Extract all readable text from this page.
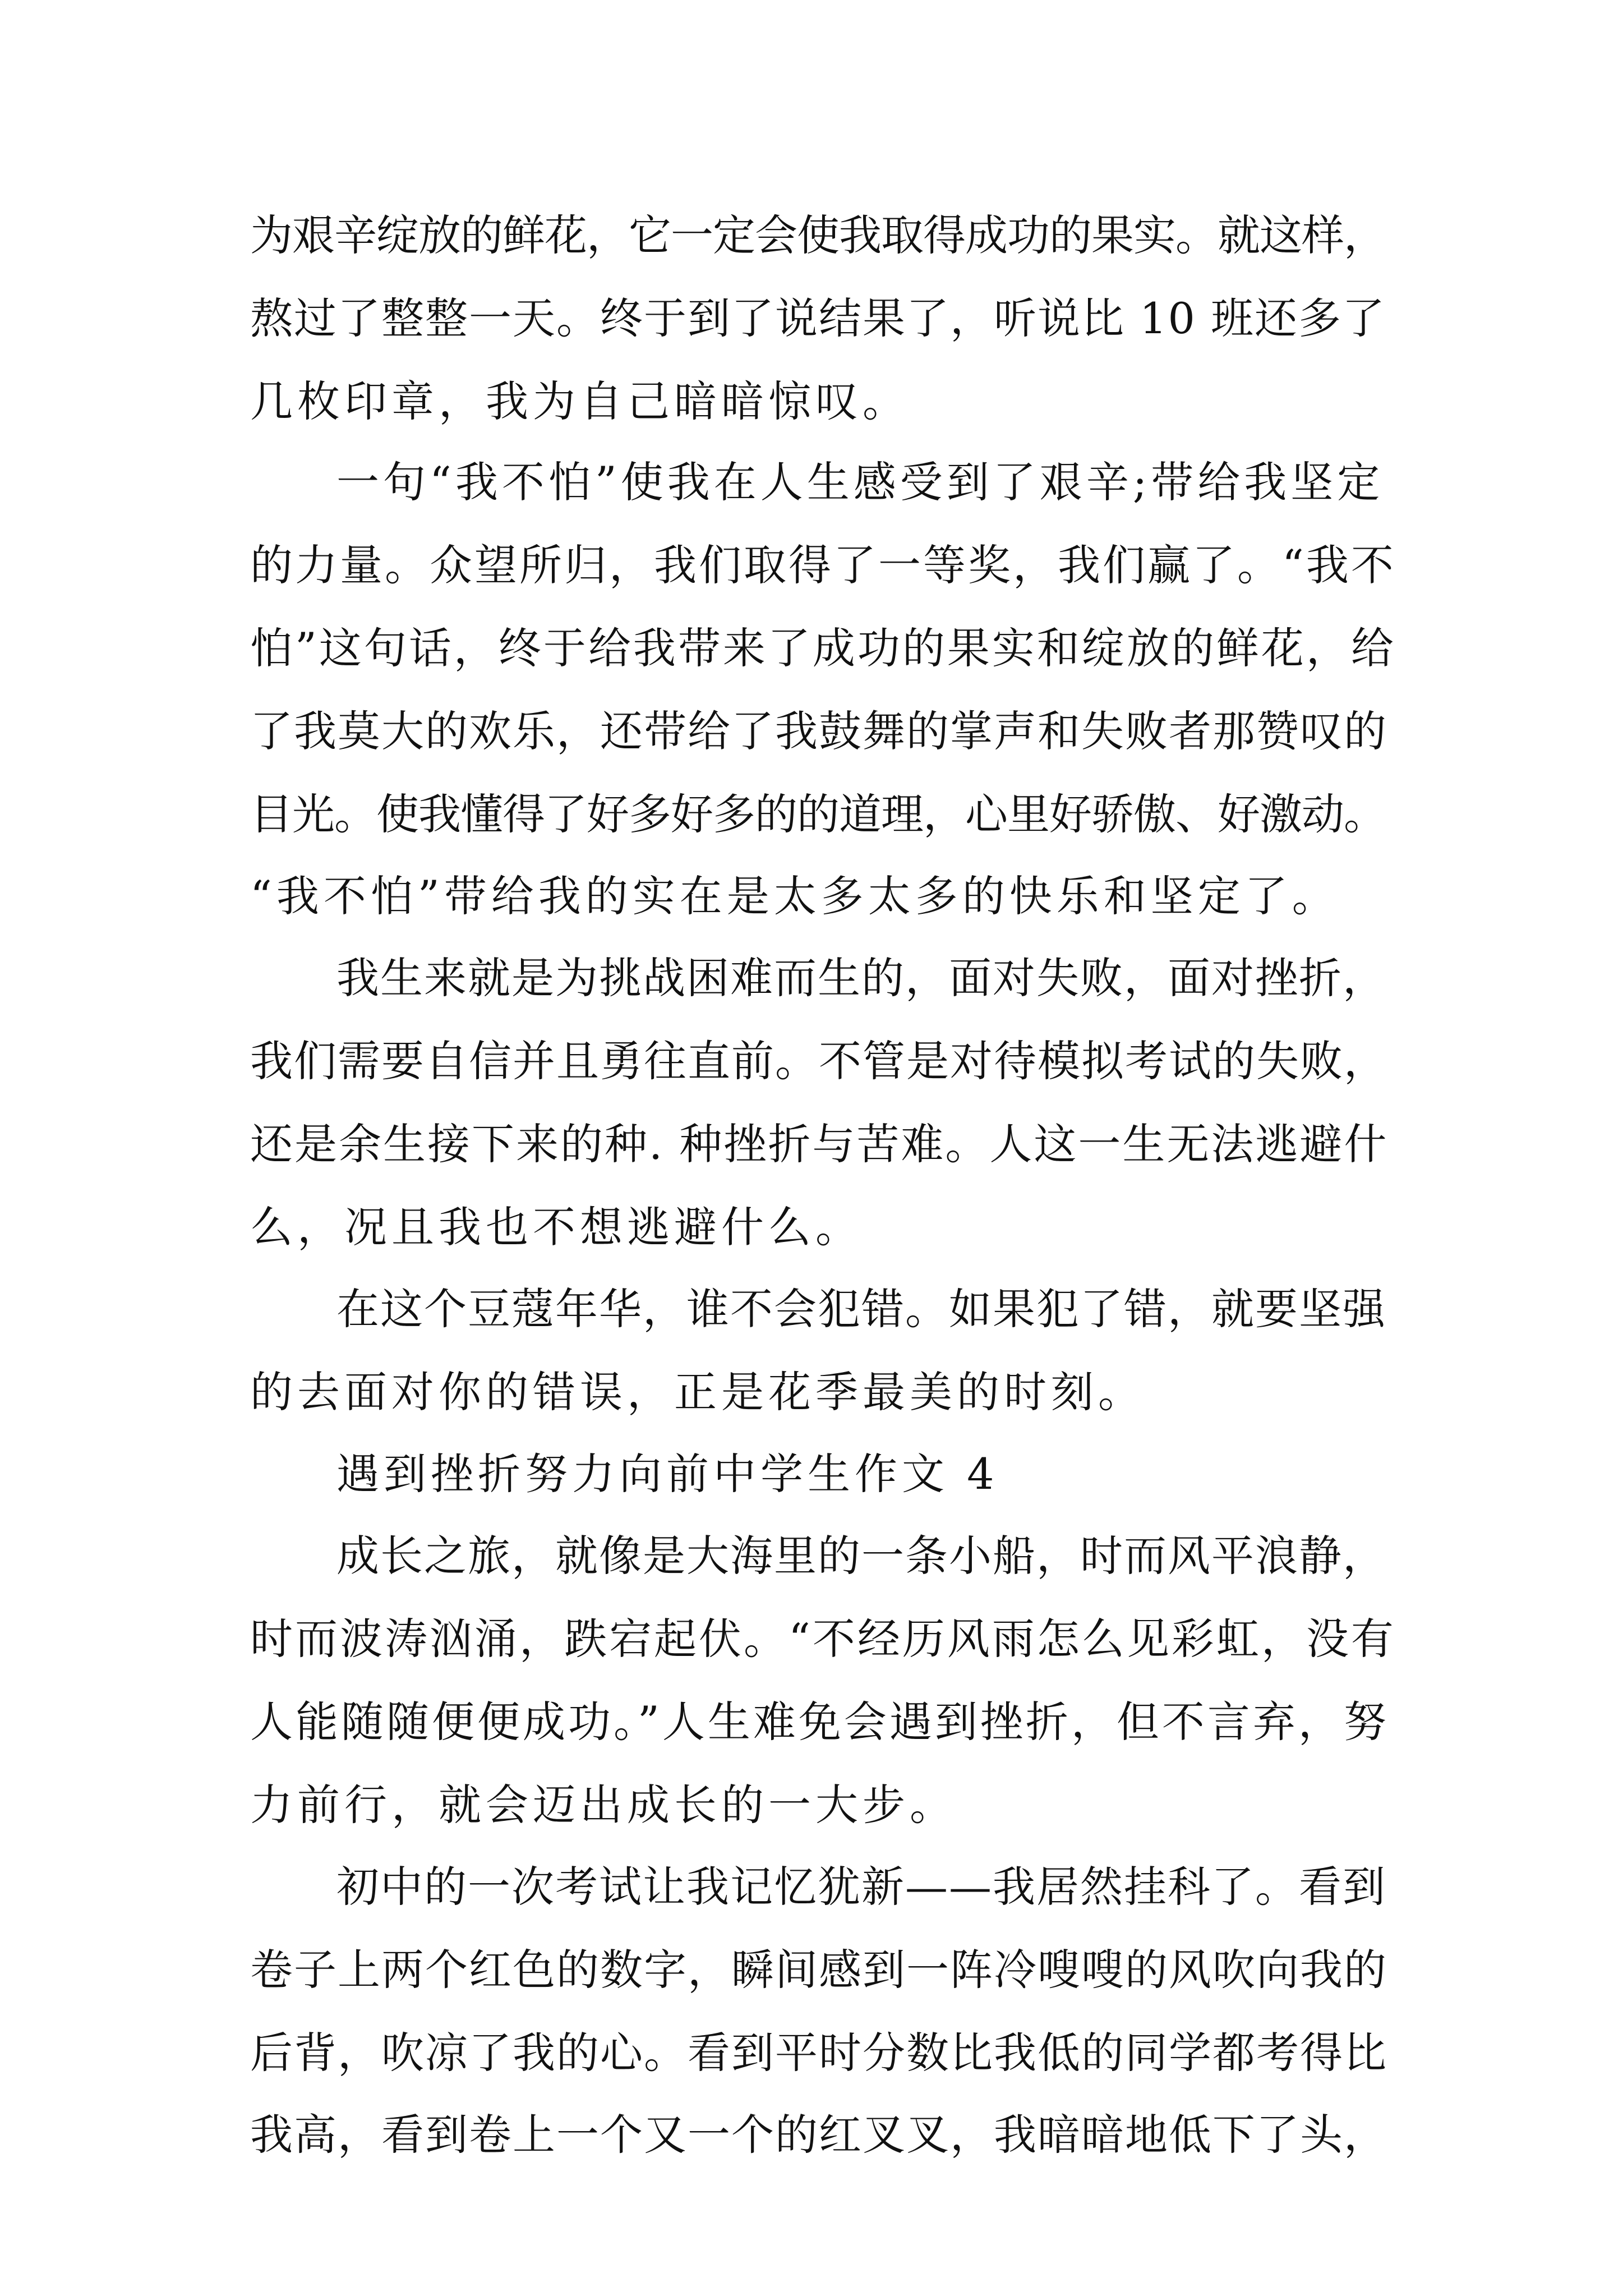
为艰辛绽放的鲜花，它一定会使我取得成功的果实。就这样，
熬过了整整一天。终于到了说结果了，听说比 10 班还多了
几枚印章，我为自己暗暗惊叹。
一句“我不怕”使我在人生感受到了艰辛;带给我坚定
的力量。众望所归，我们取得了一等奖，我们赢了。“我不
怕”这句话，终于给我带来了成功的果实和绽放的鲜花，给
了我莫大的欢乐，还带给了我鼓舞的掌声和失败者那赞叹的
目光。使我懂得了好多好多的的道理，心里好骄傲、好激动。
“我不怕”带给我的实在是太多太多的快乐和坚定了。
我生来就是为挑战困难而生的，面对失败，面对挫折，
我们需要自信并且勇往直前。不管是对待模拟考试的失败，
还是余生接下来的种. 种挫折与苦难。人这一生无法逃避什
么，况且我也不想逃避什么。
在这个豆蔻年华，谁不会犯错。如果犯了错，就要坚强
的去面对你的错误，正是花季最美的时刻。
遇到挫折努力向前中学生作文 4
成长之旅，就像是大海里的一条小船，时而风平浪静，
时而波涛汹涌，跌宕起伏。“不经历风雨怎么见彩虹，没有
人能随随便便成功。”人生难免会遇到挫折，但不言弃，努
力前行，就会迈出成长的一大步。
初中的一次考试让我记忆犹新——我居然挂科了。看到
卷子上两个红色的数字，瞬间感到一阵冷嗖嗖的风吹向我的
后背，吹凉了我的心。看到平时分数比我低的同学都考得比
我高，看到卷上一个又一个的红叉叉，我暗暗地低下了头，
